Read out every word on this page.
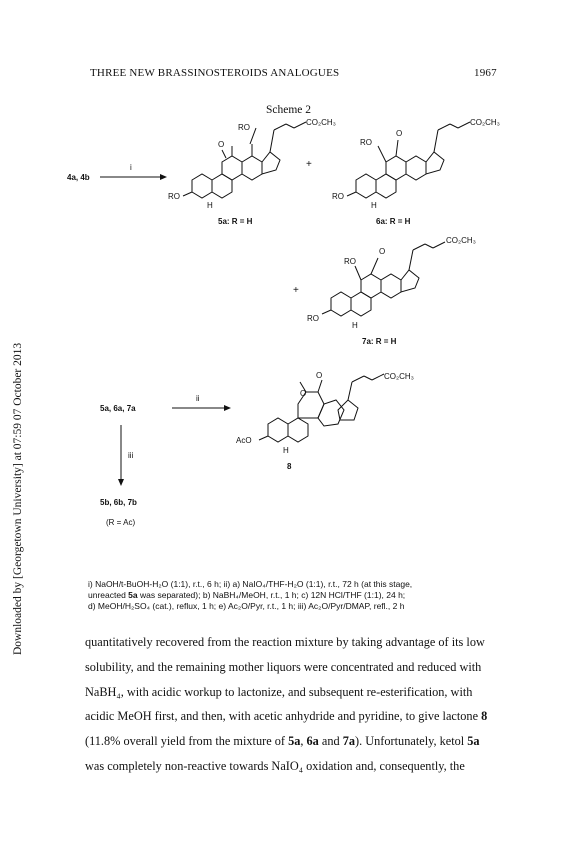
THREE NEW BRASSINOSTEROIDS ANALOGUES	1967
Downloaded by [Georgetown University] at 07:59 07 October 2013
Scheme 2
4a, 4b
i
RO
O
CO₂CH₃
RO
H
5a: R = H
+
O
RO
CO₂CH₃
RO
H
6a: R = H
+
O
RO
CO₂CH₃
RO
H
7a: R = H
5a, 6a, 7a
ii
O
O
CO₂CH₃
AcO
H
8
iii
5b, 6b, 7b
(R = Ac)
i) NaOH/t-BuOH-H₂O (1:1), r.t., 6 h; ii) a) NaIO₄/THF-H₂O (1:1), r.t., 72 h (at this stage,
unreacted 5a was separated); b) NaBH₄/MeOH, r.t., 1 h; c) 12N HCl/THF (1:1), 24 h;
d) MeOH/H₂SO₄ (cat.), reflux, 1 h; e) Ac₂O/Pyr, r.t., 1 h; iii) Ac₂O/Pyr/DMAP, refl., 2 h

quantitatively recovered from the reaction mixture by taking advantage of its low

solubility, and the remaining mother liquors were concentrated and reduced with

NaBH₄, with acidic workup to lactonize, and subsequent re-esterification, with

acidic MeOH first, and then, with acetic anhydride and pyridine, to give lactone 8

(11.8% overall yield from the mixture of 5a, 6a and 7a). Unfortunately, ketol 5a

was completely non-reactive towards NaIO₄ oxidation and, consequently, the
